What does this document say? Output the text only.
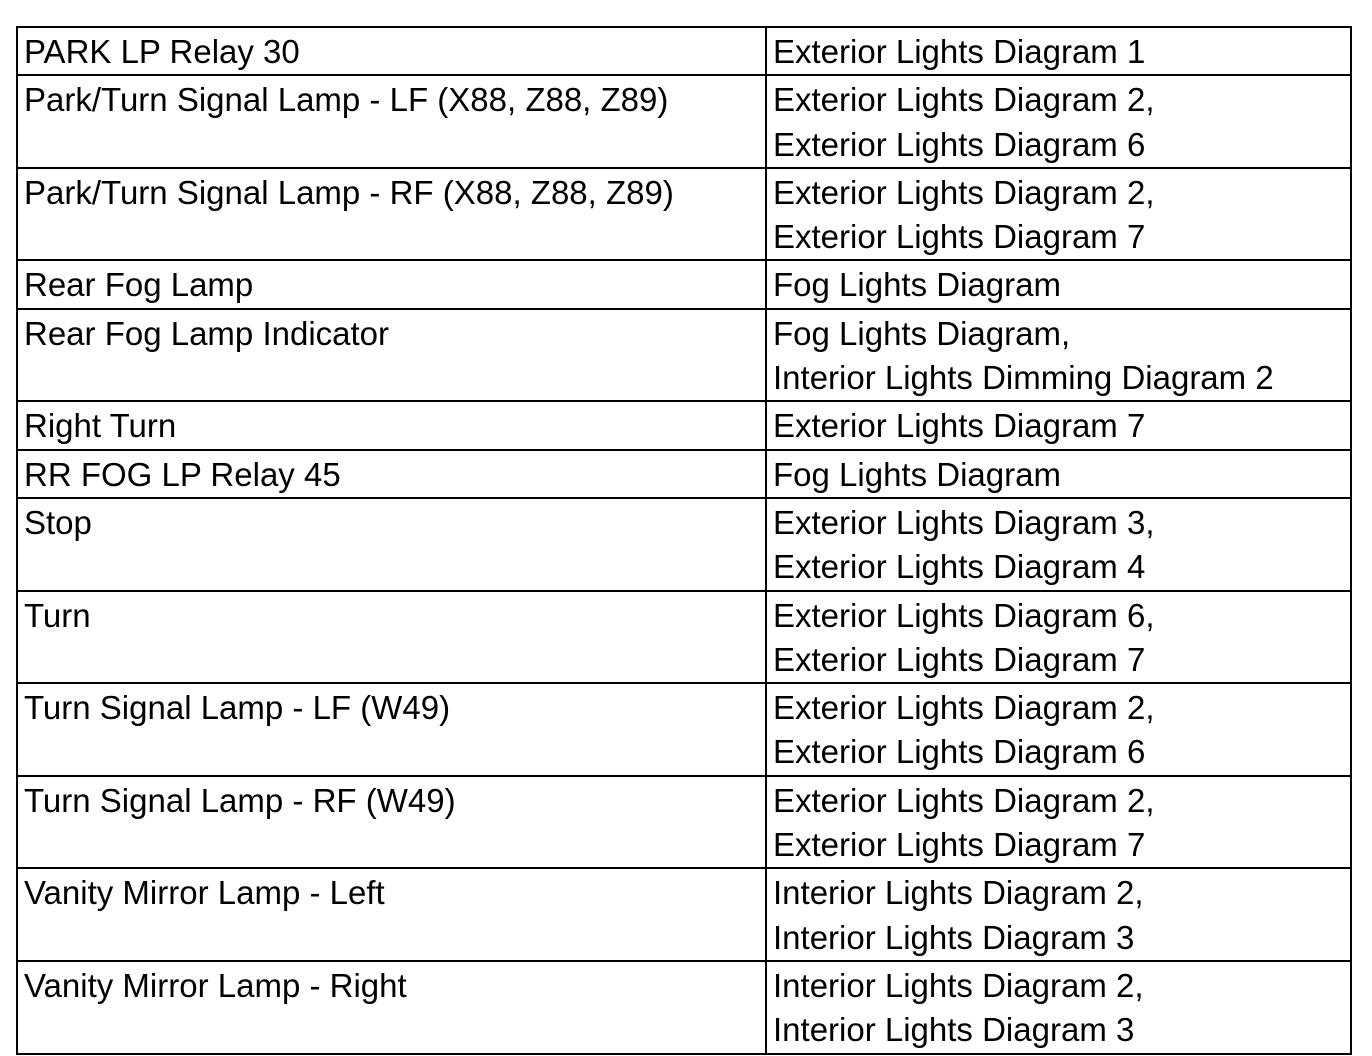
PARK LP Relay 30	Exterior Lights Diagram 1

Park/Turn Signal Lamp - LF (X88, Z88, Z89)	Exterior Lights Diagram 2,
Exterior Lights Diagram 6

Park/Turn Signal Lamp - RF (X88, Z88, Z89)	Exterior Lights Diagram 2,
Exterior Lights Diagram 7

Rear Fog Lamp	Fog Lights Diagram

Rear Fog Lamp Indicator	Fog Lights Diagram,
Interior Lights Dimming Diagram 2

Right Turn	Exterior Lights Diagram 7

RR FOG LP Relay 45	Fog Lights Diagram

Stop	Exterior Lights Diagram 3,
Exterior Lights Diagram 4

Turn	Exterior Lights Diagram 6,
Exterior Lights Diagram 7

Turn Signal Lamp - LF (W49)	Exterior Lights Diagram 2,
Exterior Lights Diagram 6

Turn Signal Lamp - RF (W49)	Exterior Lights Diagram 2,
Exterior Lights Diagram 7

Vanity Mirror Lamp - Left	Interior Lights Diagram 2,
Interior Lights Diagram 3

Vanity Mirror Lamp - Right	Interior Lights Diagram 2,
Interior Lights Diagram 3
